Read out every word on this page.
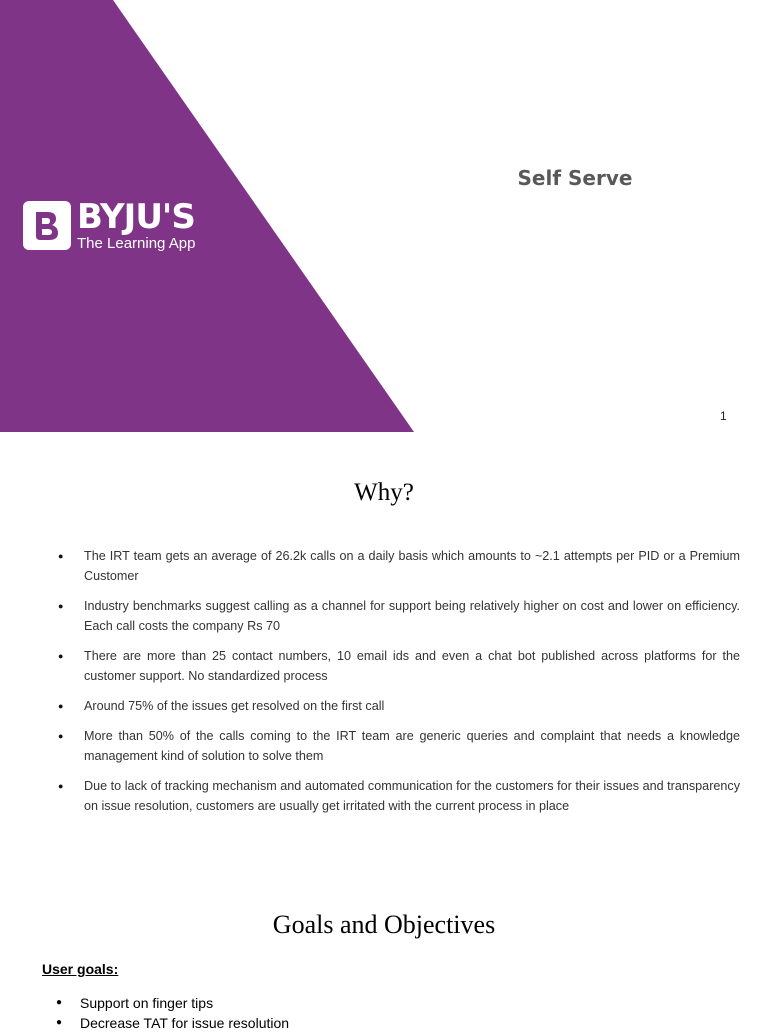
BYJU'S
The Learning App
Self Serve
1
Why?
● The IRT team gets an average of 26.2k calls on a daily basis which amounts to ~2.1 attempts per PID or a Premium Customer
● Industry benchmarks suggest calling as a channel for support being relatively higher on cost and lower on efficiency. Each call costs the company Rs 70
● There are more than 25 contact numbers, 10 email ids and even a chat bot published across platforms for the customer support. No standardized process
● Around 75% of the issues get resolved on the first call
● More than 50% of the calls coming to the IRT team are generic queries and complaint that needs a knowledge management kind of solution to solve them
● Due to lack of tracking mechanism and automated communication for the customers for their issues and transparency on issue resolution, customers are usually get irritated with the current process in place
Goals and Objectives
User goals:
● Support on finger tips
● Decrease TAT for issue resolution
